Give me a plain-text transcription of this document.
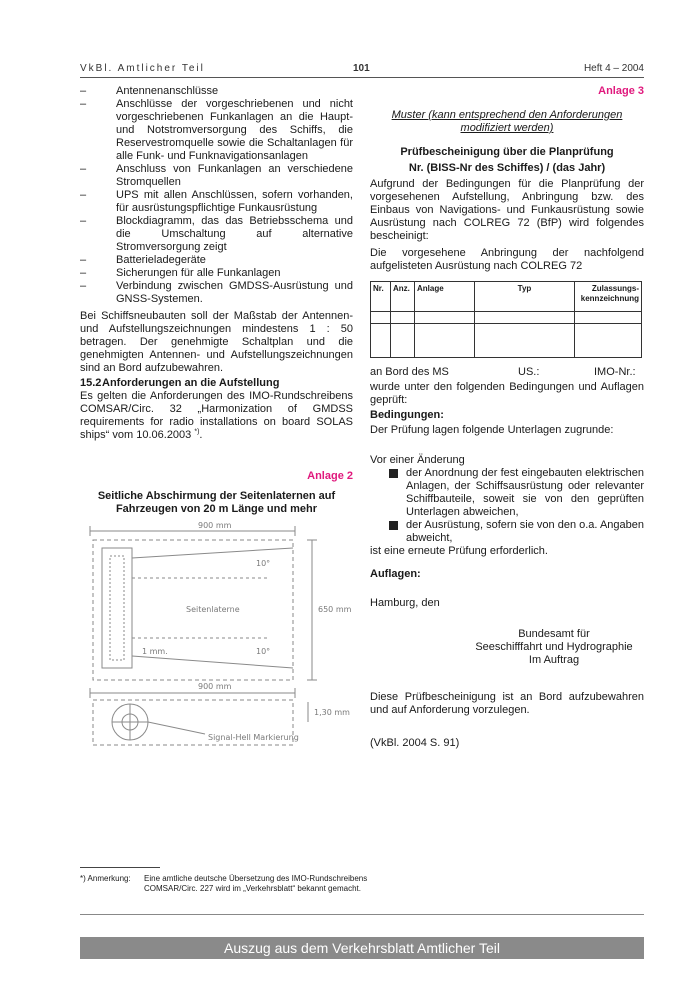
VkBl. Amtlicher Teil	101	Heft 4 – 2004
– Antennenanschlüsse
– Anschlüsse der vorgeschriebenen und nicht vorgeschriebenen Funkanlagen an die Haupt- und Notstromversorgung des Schiffs, die Reservestromquelle sowie die Schaltanlagen für alle Funk- und Funknavigationsanlagen
– Anschluss von Funkanlagen an verschiedene Stromquellen
– UPS mit allen Anschlüssen, sofern vorhanden, für ausrüstungspflichtige Funkausrüstung
– Blockdiagramm, das das Betriebsschema und die Umschaltung auf alternative Stromversorgung zeigt
– Batterieladegeräte
– Sicherungen für alle Funkanlagen
– Verbindung zwischen GMDSS-Ausrüstung und GNSS-Systemen.

Bei Schiffsneubauten soll der Maßstab der Antennen- und Aufstellungszeichnungen mindestens 1 : 50 betragen. Der genehmigte Schaltplan und die genehmigten Antennen- und Aufstellungszeichnungen sind an Bord aufzubewahren.

15.2Anforderungen an die Aufstellung

Es gelten die Anforderungen des IMO-Rundschreibens COMSAR/Circ. 32 „Harmonization of GMDSS requirements for radio installations on board SOLAS ships“ vom 10.06.2003 *).

Anlage 2

Seitliche Abschirmung der Seitenlaternen auf Fahrzeugen von 20 m Länge und mehr

900 mm
10°
Seitenlaterne	650 mm
1 mm.	10°
900 mm
1,30 mm
Signal-Hell Markierung

Anlage 3

Muster (kann entsprechend den Anforderungen modifiziert werden)

Prüfbescheinigung über die Planprüfung

Nr. (BISS-Nr des Schiffes) / (das Jahr)

Aufgrund der Bedingungen für die Planprüfung der vorgesehenen Aufstellung, Anbringung bzw. des Einbaus von Navigations- und Funkausrüstung sowie Ausrüstung nach COLREG 72 (BfP) wird folgendes bescheinigt:

Die vorgesehene Anbringung der nachfolgend aufgelisteten Ausrüstung nach COLREG 72

Nr.	Anz.	Anlage	Typ	Zulassungs-kennzeichnung

an Bord des MS	US.:	IMO-Nr.:

wurde unter den folgenden Bedingungen und Auflagen geprüft:

Bedingungen:

Der Prüfung lagen folgende Unterlagen zugrunde:

Vor einer Änderung

der Anordnung der fest eingebauten elektrischen Anlagen, der Schiffsausrüstung oder relevanter Schiffbauteile, soweit sie von den geprüften Unterlagen abweichen,
der Ausrüstung, sofern sie von den o.a. Angaben abweicht,

ist eine erneute Prüfung erforderlich.

Auflagen:

Hamburg, den

Bundesamt für

Seeschifffahrt und Hydrographie

Im Auftrag

Diese Prüfbescheinigung ist an Bord aufzubewahren und auf Anforderung vorzulegen.

(VkBl. 2004 S. 91)

*) Anmerkung: Eine amtliche deutsche Übersetzung des IMO-Rundschreibens COMSAR/Circ. 227 wird im „Verkehrsblatt“ bekannt gemacht.

Auszug aus dem Verkehrsblatt Amtlicher Teil
